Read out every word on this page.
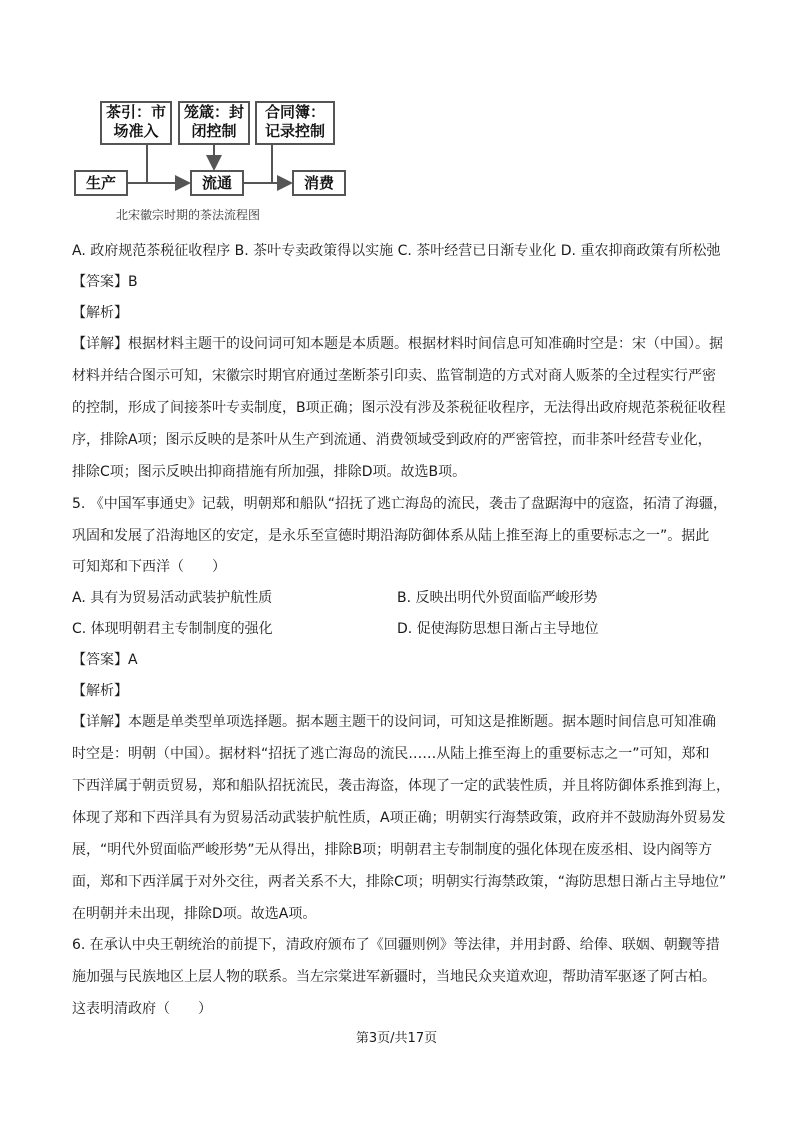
茶引：市
场准入
笼箴：封
闭控制
合同簿：
记录控制
生产	流通	消费
北宋徽宗时期的茶法流程图
A. 政府规范茶税征收程序 B. 茶叶专卖政策得以实施 C. 茶叶经营已日渐专业化 D. 重农抑商政策有所松弛
【答案】B
【解析】
【详解】根据材料主题干的设问词可知本题是本质题。根据材料时间信息可知准确时空是：宋（中国）。据
材料并结合图示可知，宋徽宗时期官府通过垄断茶引印卖、监管制造的方式对商人贩茶的全过程实行严密
的控制，形成了间接茶叶专卖制度，B项正确；图示没有涉及茶税征收程序，无法得出政府规范茶税征收程
序，排除A项；图示反映的是茶叶从生产到流通、消费领域受到政府的严密管控，而非茶叶经营专业化，
排除C项；图示反映出抑商措施有所加强，排除D项。故选B项。
5. 《中国军事通史》记载，明朝郑和船队“招抚了逃亡海岛的流民，袭击了盘踞海中的寇盗，拓清了海疆，
巩固和发展了沿海地区的安定，是永乐至宣德时期沿海防御体系从陆上推至海上的重要标志之一”。据此
可知郑和下西洋（　　）
A. 具有为贸易活动武装护航性质	B. 反映出明代外贸面临严峻形势
C. 体现明朝君主专制制度的强化	D. 促使海防思想日渐占主导地位
【答案】A
【解析】
【详解】本题是单类型单项选择题。据本题主题干的设问词，可知这是推断题。据本题时间信息可知准确
时空是：明朝（中国）。据材料“招抚了逃亡海岛的流民……从陆上推至海上的重要标志之一”可知，郑和
下西洋属于朝贡贸易，郑和船队招抚流民，袭击海盗，体现了一定的武装性质，并且将防御体系推到海上，
体现了郑和下西洋具有为贸易活动武装护航性质，A项正确；明朝实行海禁政策，政府并不鼓励海外贸易发
展，“明代外贸面临严峻形势”无从得出，排除B项；明朝君主专制制度的强化体现在废丞相、设内阁等方
面，郑和下西洋属于对外交往，两者关系不大，排除C项；明朝实行海禁政策，“海防思想日渐占主导地位”
在明朝并未出现，排除D项。故选A项。
6. 在承认中央王朝统治的前提下，清政府颁布了《回疆则例》等法律，并用封爵、给俸、联姻、朝觐等措
施加强与民族地区上层人物的联系。当左宗棠进军新疆时，当地民众夹道欢迎，帮助清军驱逐了阿古柏。
这表明清政府（　　）
第3页/共17页
